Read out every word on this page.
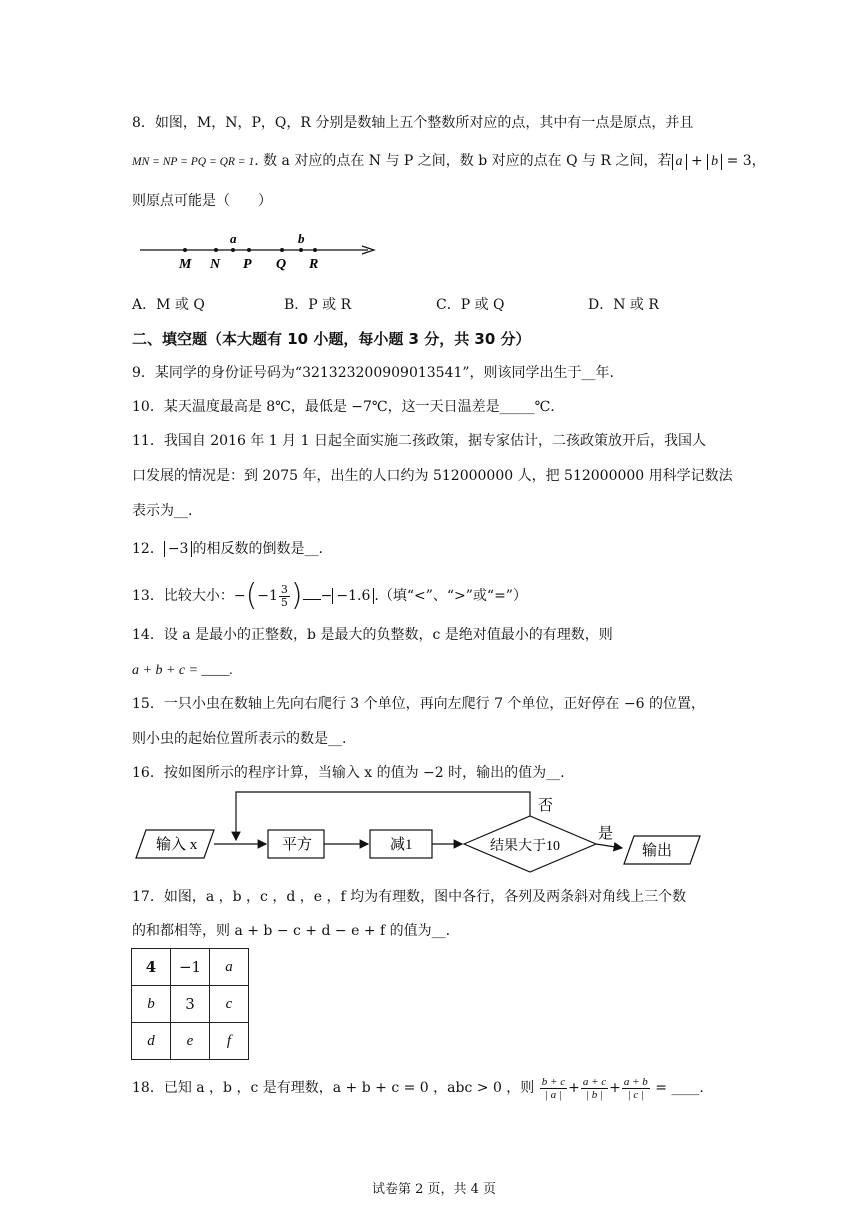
8．如图，M，N，P，Q，R 分别是数轴上五个整数所对应的点，其中有一点是原点，并且
MN = NP = PQ = QR = 1. 数 a 对应的点在 N 与 P 之间，数 b 对应的点在 Q 与 R 之间，若 a + b = 3，
则原点可能是（　　）
M N P Q R
a	b
A．M 或 Q	B．P 或 R	C．P 或 Q	D．N 或 R
二、填空题（本大题有 10 小题，每小题 3 分，共 30 分）
9．某同学的身份证号码为“321323200909013541”，则该同学出生于__年.
10．某天温度最高是 8℃，最低是 −7℃，这一天日温差是_____℃.
11．我国自 2016 年 1 月 1 日起全面实施二孩政策，据专家估计，二孩政策放开后，我国人
口发展的情况是：到 2075 年，出生的人口约为 512000000 人，把 512000000 用科学记数法
表示为__.
12． −3 的相反数的倒数是__.
13．比较大小：$-(-1 \frac{3}{5}$ ) − −1.6 .（填“<”、“>”或“=”）
14．设 a 是最小的正整数，b 是最大的负整数，c 是绝对值最小的有理数，则
a + b + c = ____.
15．一只小虫在数轴上先向右爬行 3 个单位，再向左爬行 7 个单位，正好停在 −6 的位置，
则小虫的起始位置所表示的数是__.
16．按如图所示的程序计算，当输入 x 的值为 −2 时，输出的值为__.
输入 x	平方	减1	结果大于10
否
是
输出
17．如图，a ，b ，c ，d ，e ，f 均为有理数，图中各行，各列及两条斜对角线上三个数
的和都相等，则 a + b − c + d − e + f 的值为__.
4	−1	a
b	3	c
d	e	f
18．已知 a ，b ，c 是有理数，a + b + c = 0 ，abc > 0 ，则 $\frac{b + c}{| a |} + \frac{a + c}{| b |} + \frac{a + b}{| c |}$ = ____.
试卷第 2 页，共 4 页
